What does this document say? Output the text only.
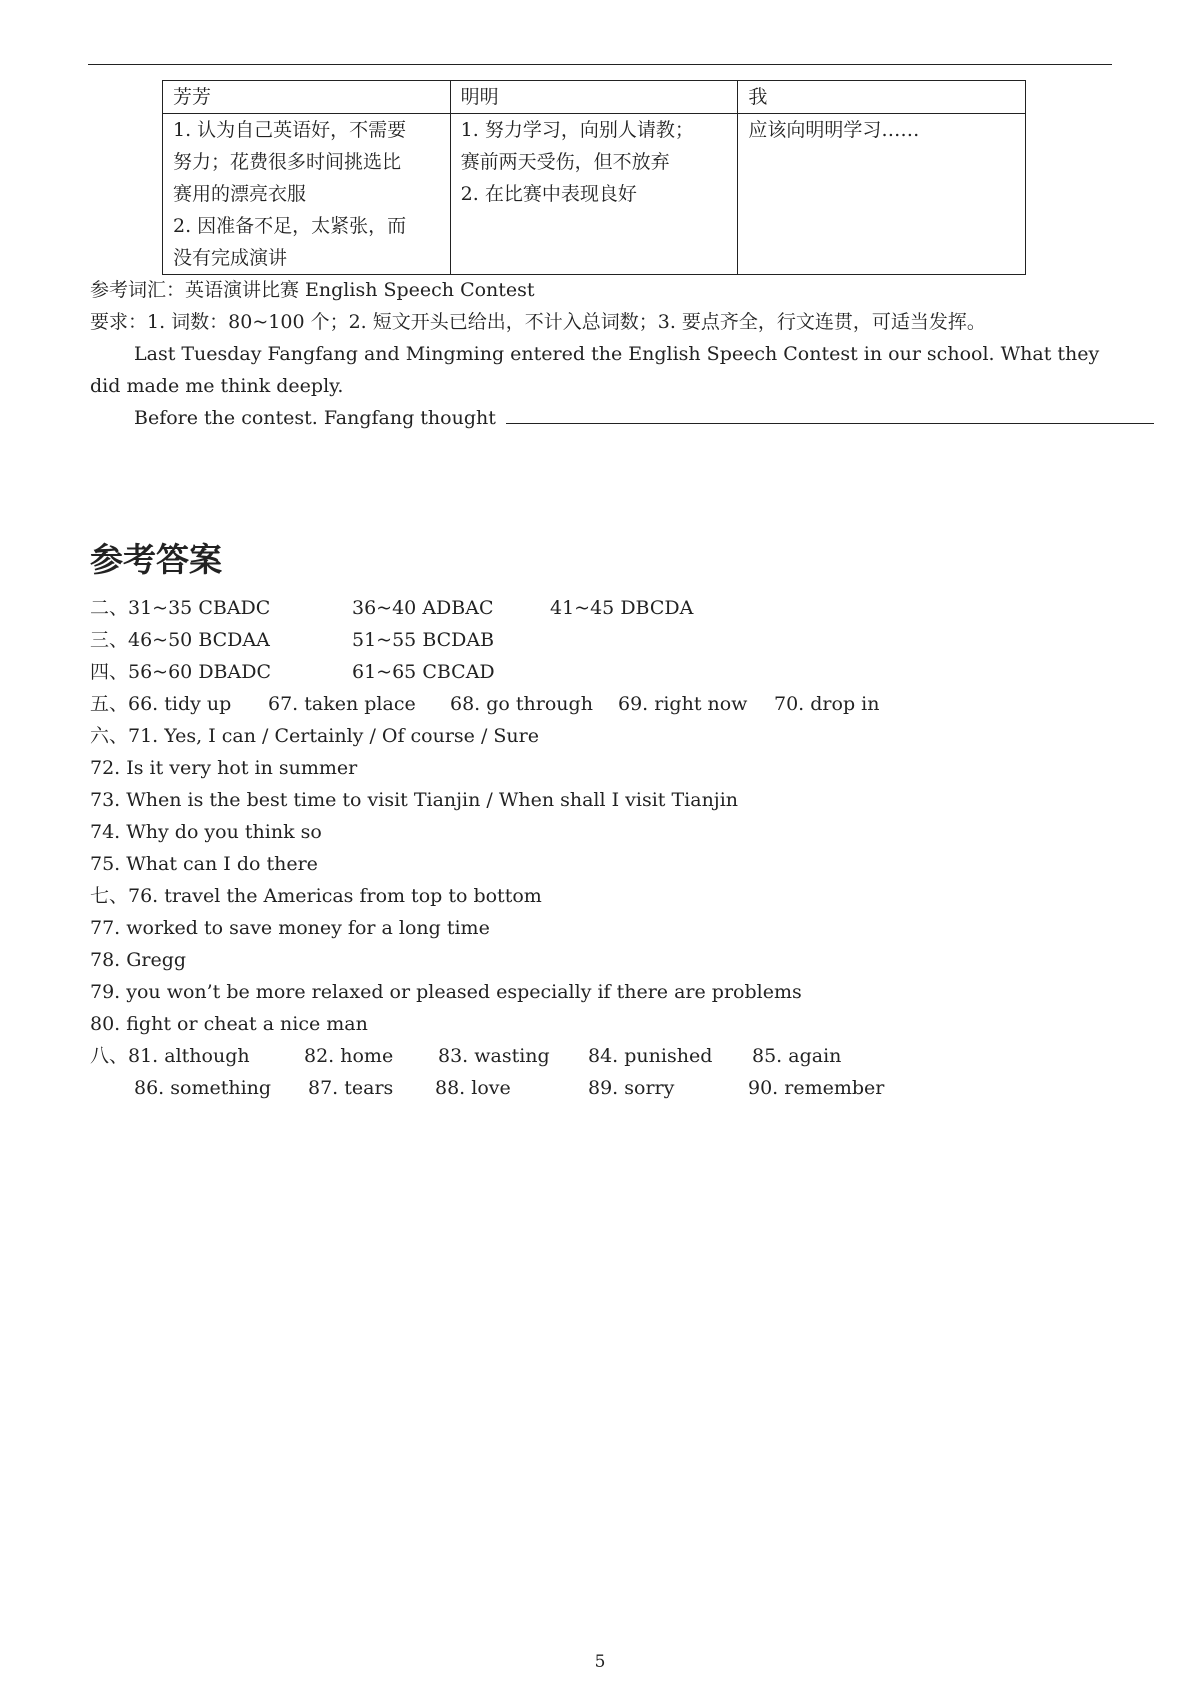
芳芳	明明	我

1. 认为自己英语好，不需要
努力；花费很多时间挑选比
赛用的漂亮衣服
2. 因准备不足，太紧张，而
没有完成演讲	1. 努力学习，向别人请教；
赛前两天受伤，但不放弃
2. 在比赛中表现良好	应该向明明学习……
参考词汇：英语演讲比赛 English Speech Contest
要求：1. 词数：80~100 个；2. 短文开头已给出，不计入总词数；3. 要点齐全，行文连贯，可适当发挥。
Last Tuesday Fangfang and Mingming entered the English Speech Contest in our school. What they did made me think deeply.
Before the contest. Fangfang thought
参考答案
二、31~35 CBADC	36~40 ADBAC	41~45 DBCDA
三、46~50 BCDAA	51~55 BCDAB
四、56~60 DBADC	61~65 CBCAD
五、66. tidy up 67. taken place 68. go through 69. right now 70. drop in
六、71. Yes, I can / Certainly / Of course / Sure
72. Is it very hot in summer
73. When is the best time to visit Tianjin / When shall I visit Tianjin
74. Why do you think so
75. What can I do there
七、76. travel the Americas from top to bottom
77. worked to save money for a long time
78. Gregg
79. you won’t be more relaxed or pleased especially if there are problems
80. fight or cheat a nice man
八、81. although	82. home 83. wasting 84. punished 85. again
86. something 87. tears 88. love	89. sorry	90. remember
5
